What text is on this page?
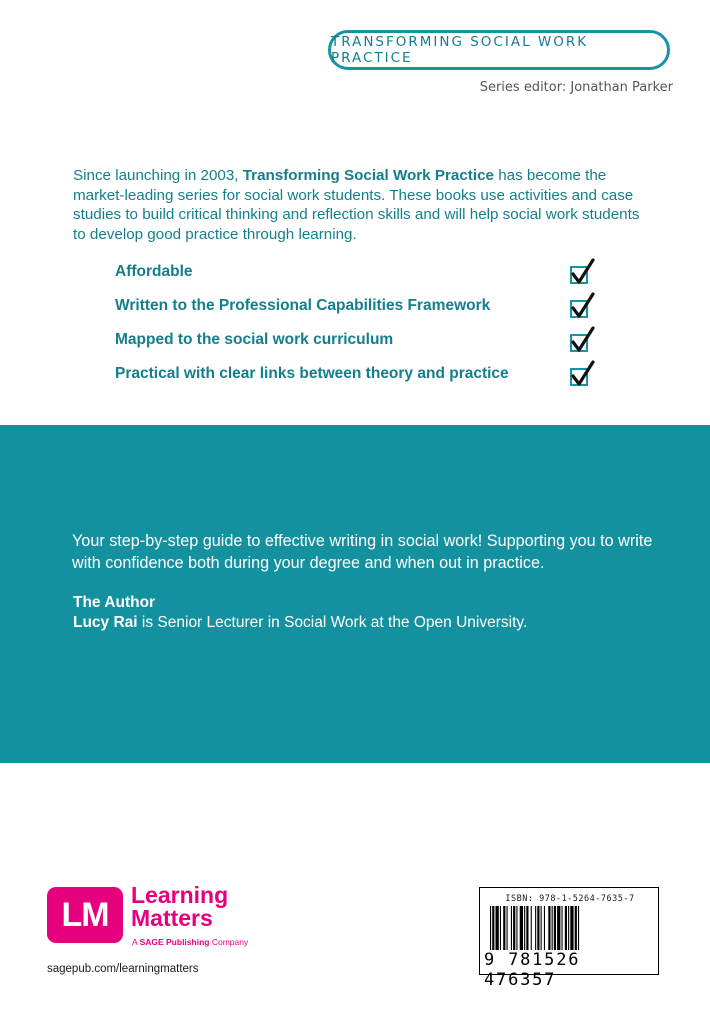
TRANSFORMING SOCIAL WORK PRACTICE
Series editor: Jonathan Parker
Since launching in 2003, Transforming Social Work Practice has become the market-leading series for social work students. These books use activities and case studies to build critical thinking and reflection skills and will help social work students to develop good practice through learning.
Affordable
Written to the Professional Capabilities Framework
Mapped to the social work curriculum
Practical with clear links between theory and practice
Your step-by-step guide to effective writing in social work! Supporting you to write with confidence both during your degree and when out in practice.
The Author
Lucy Rai is Senior Lecturer in Social Work at the Open University.
LM
Learning
Matters
A SAGE Publishing Company
sagepub.com/learningmatters
ISBN: 978-1-5264-7635-7
9 781526 476357
